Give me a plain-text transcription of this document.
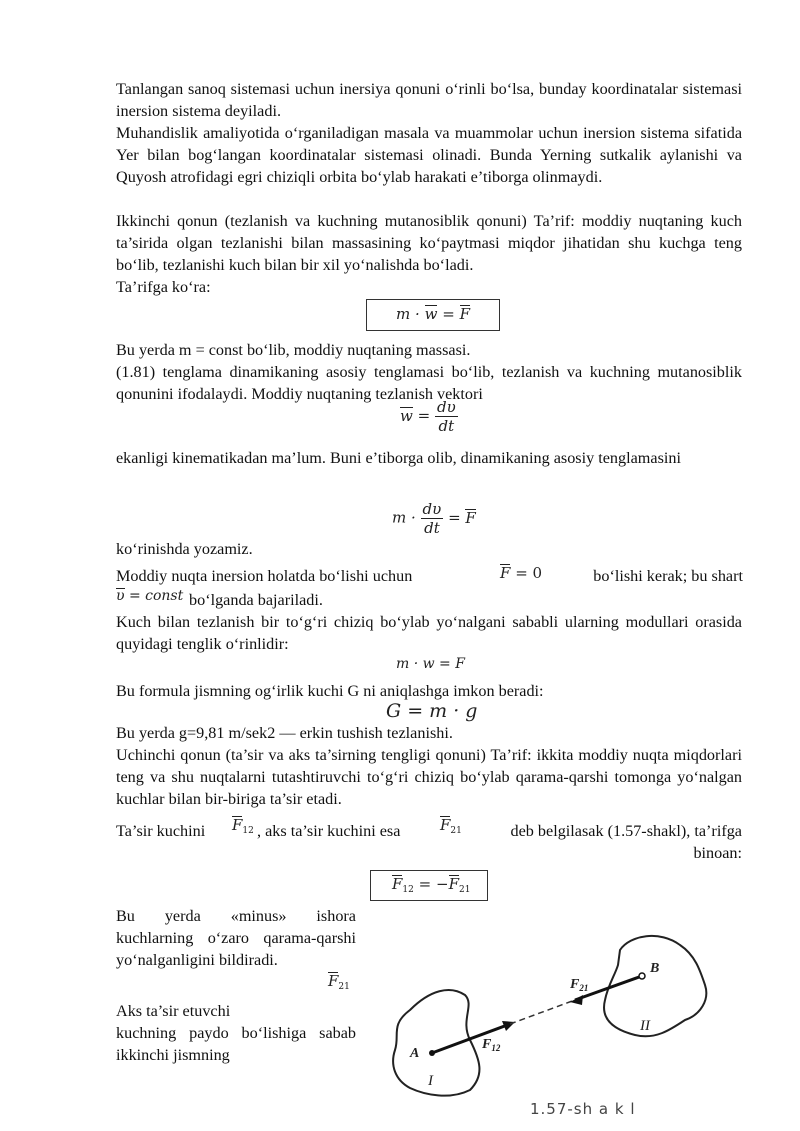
Tanlangan sanoq sistemasi uchun inersiya qonuni o‘rinli bo‘lsa, bunday koordinatalar sistemasi inersion sistema deyiladi.

Muhandislik amaliyotida o‘rganiladigan masala va muammolar uchun inersion sistema sifatida Yer bilan bog‘langan koordinatalar sistemasi olinadi. Bunda Yerning sutkalik aylanishi va Quyosh atrofidagi egri chiziqli orbita bo‘ylab harakati e’tiborga olinmaydi.

Ikkinchi qonun (tezlanish va kuchning mutanosiblik qonuni) Ta’rif: moddiy nuqtaning kuch ta’sirida olgan tezlanishi bilan massasining ko‘paytmasi miqdor jihatidan shu kuchga teng bo‘lib, tezlanishi kuch bilan bir xil yo‘nalishda bo‘ladi.

Ta’rifga ko‘ra:

m · w = F

Bu yerda m = const bo‘lib, moddiy nuqtaning massasi.

(1.81) tenglama dinamikaning asosiy tenglamasi bo‘lib, tezlanish va kuchning mutanosiblik qonunini ifodalaydi. Moddiy nuqtaning tezlanish vektori

$w = \frac{d\upsilon}{dt}$

ekanligi kinematikadan ma’lum. Buni e’tiborga olib, dinamikaning asosiy tenglamasini

$m \cdot \frac{d\upsilon}{dt} = F$

ko‘rinishda yozamiz.

Moddiy nuqta inersion holatda bo‘lishi uchun	F = 0	bo‘lishi kerak; bu shart
υ = const bo‘lganda bajariladi.

Kuch bilan tezlanish bir to‘g‘ri chiziq bo‘ylab yo‘nalgani sababli ularning modullari orasida quyidagi tenglik o‘rinlidir:

m · w = F

Bu formula jismning og‘irlik kuchi G ni aniqlashga imkon beradi:

G = m · g

Bu yerda g=9,81 m/sek2 — erkin tushish tezlanishi.

Uchinchi qonun (ta’sir va aks ta’sirning tengligi qonuni) Ta’rif: ikkita moddiy nuqta miqdorlari teng va shu nuqtalarni tutashtiruvchi to‘g‘ri chiziq bo‘ylab qarama-qarshi tomonga yo‘nalgan kuchlar bilan bir-biriga ta’sir etadi.

Ta’sir kuchini	$F_{12}$ , aks ta’sir kuchini esa	$F_{21}$	deb belgilasak (1.57-shakl), ta’rifga binoan:
$F_{12} = -F_{21}$

Bu yerda «minus» ishora kuchlarning o‘zaro qarama-qarshi yo‘nalganligini bildiradi.

Aks ta’sir etuvchi

$F_{21}$

kuchning paydo bo‘lishiga sabab ikkinchi jismning	A
B
I
II
$F_{12}$
$F_{21}$
1.57-sh a k l
